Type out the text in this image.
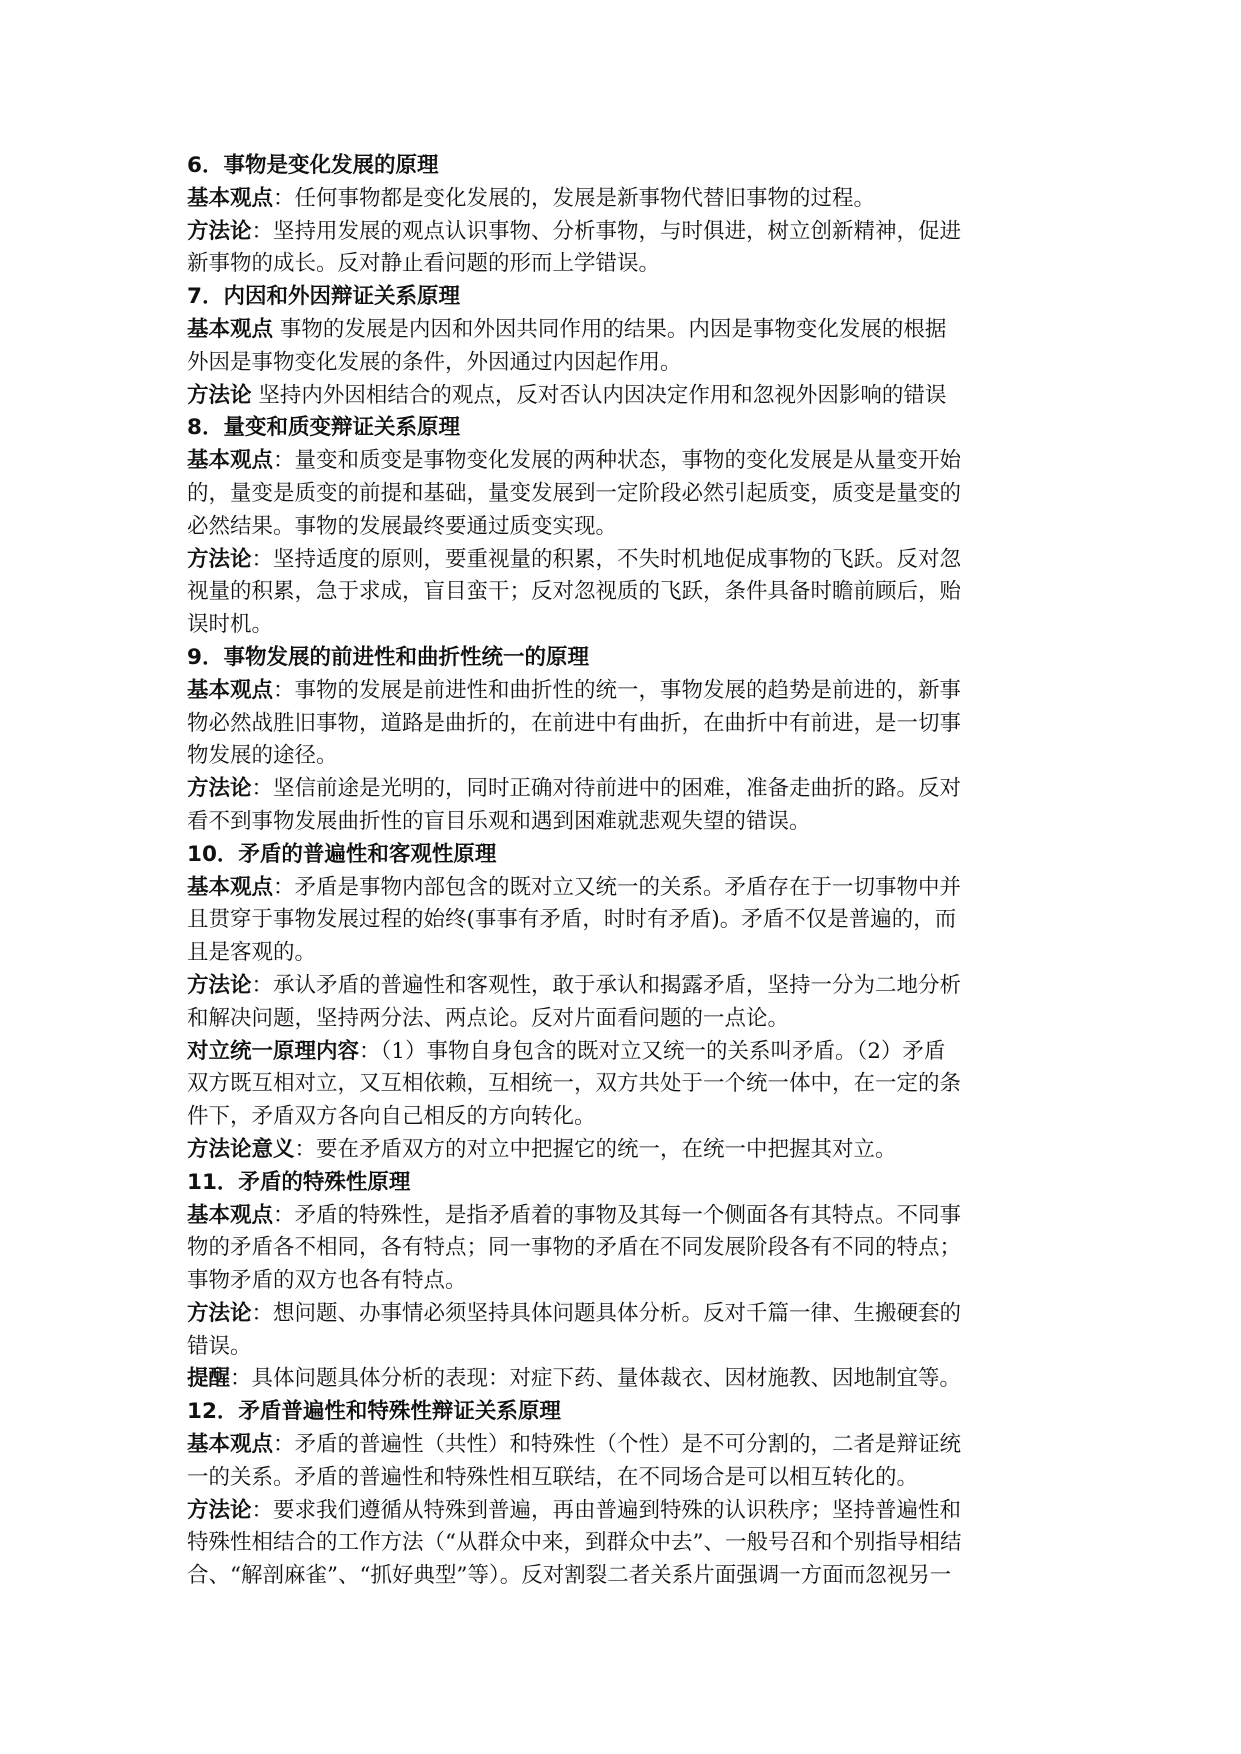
6．事物是变化发展的原理
基本观点：任何事物都是变化发展的，发展是新事物代替旧事物的过程。
方法论：坚持用发展的观点认识事物、分析事物，与时俱进，树立创新精神，促进
新事物的成长。反对静止看问题的形而上学错误。
7．内因和外因辩证关系原理
基本观点 事物的发展是内因和外因共同作用的结果。内因是事物变化发展的根据
外因是事物变化发展的条件，外因通过内因起作用。
方法论 坚持内外因相结合的观点，反对否认内因决定作用和忽视外因影响的错误
8．量变和质变辩证关系原理
基本观点：量变和质变是事物变化发展的两种状态，事物的变化发展是从量变开始
的，量变是质变的前提和基础，量变发展到一定阶段必然引起质变，质变是量变的
必然结果。事物的发展最终要通过质变实现。
方法论：坚持适度的原则，要重视量的积累，不失时机地促成事物的飞跃。反对忽
视量的积累，急于求成，盲目蛮干；反对忽视质的飞跃，条件具备时瞻前顾后，贻
误时机。
9．事物发展的前进性和曲折性统一的原理
基本观点：事物的发展是前进性和曲折性的统一，事物发展的趋势是前进的，新事
物必然战胜旧事物，道路是曲折的，在前进中有曲折，在曲折中有前进，是一切事
物发展的途径。
方法论：坚信前途是光明的，同时正确对待前进中的困难，准备走曲折的路。反对
看不到事物发展曲折性的盲目乐观和遇到困难就悲观失望的错误。
10．矛盾的普遍性和客观性原理
基本观点：矛盾是事物内部包含的既对立又统一的关系。矛盾存在于一切事物中并
且贯穿于事物发展过程的始终(事事有矛盾，时时有矛盾)。矛盾不仅是普遍的，而
且是客观的。
方法论：承认矛盾的普遍性和客观性，敢于承认和揭露矛盾，坚持一分为二地分析
和解决问题，坚持两分法、两点论。反对片面看问题的一点论。
对立统一原理内容：（1）事物自身包含的既对立又统一的关系叫矛盾。（2）矛盾
双方既互相对立，又互相依赖，互相统一，双方共处于一个统一体中，在一定的条
件下，矛盾双方各向自己相反的方向转化。
方法论意义：要在矛盾双方的对立中把握它的统一，在统一中把握其对立。
11．矛盾的特殊性原理
基本观点：矛盾的特殊性，是指矛盾着的事物及其每一个侧面各有其特点。不同事
物的矛盾各不相同，各有特点；同一事物的矛盾在不同发展阶段各有不同的特点；
事物矛盾的双方也各有特点。
方法论：想问题、办事情必须坚持具体问题具体分析。反对千篇一律、生搬硬套的
错误。
提醒：具体问题具体分析的表现：对症下药、量体裁衣、因材施教、因地制宜等。
12．矛盾普遍性和特殊性辩证关系原理
基本观点：矛盾的普遍性（共性）和特殊性（个性）是不可分割的，二者是辩证统
一的关系。矛盾的普遍性和特殊性相互联结，在不同场合是可以相互转化的。
方法论：要求我们遵循从特殊到普遍，再由普遍到特殊的认识秩序；坚持普遍性和
特殊性相结合的工作方法（“从群众中来，到群众中去”、一般号召和个别指导相结
合、“解剖麻雀”、“抓好典型”等）。反对割裂二者关系片面强调一方面而忽视另一
